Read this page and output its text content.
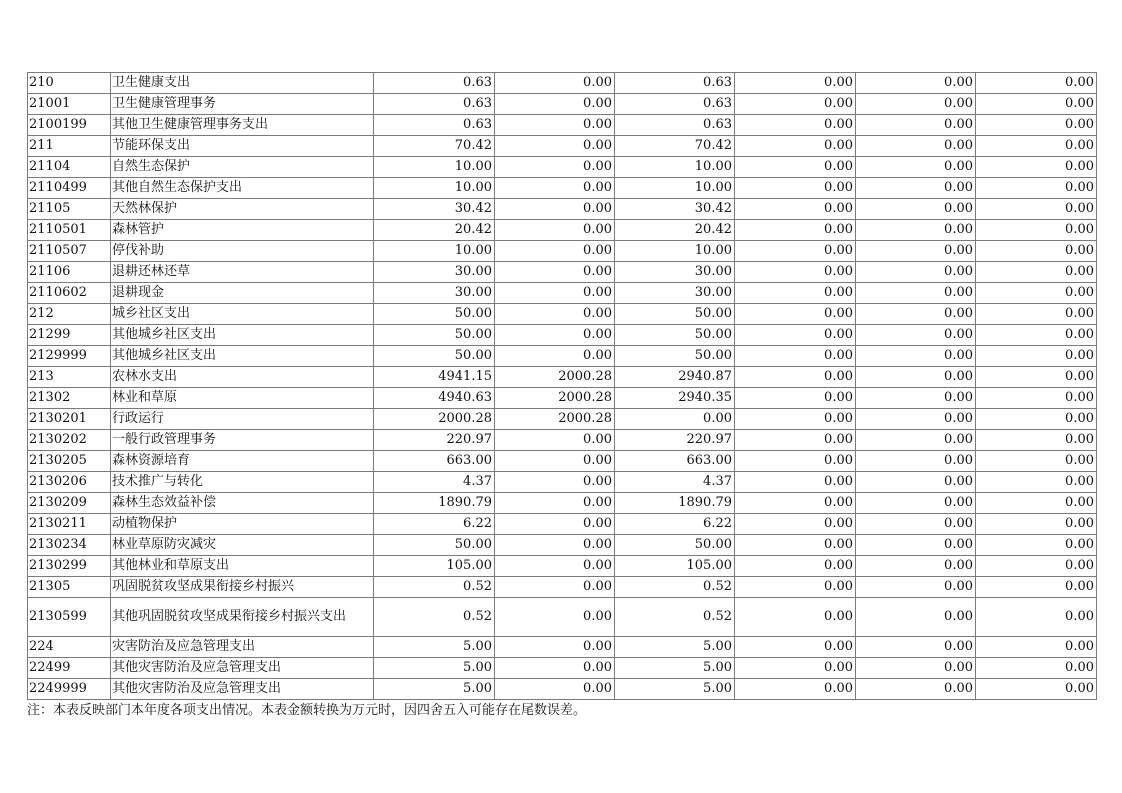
210	卫生健康支出	0.63	0.00	0.63	0.00	0.00	0.00
21001	卫生健康管理事务	0.63	0.00	0.63	0.00	0.00	0.00
2100199	其他卫生健康管理事务支出	0.63	0.00	0.63	0.00	0.00	0.00
211	节能环保支出	70.42	0.00	70.42	0.00	0.00	0.00
21104	自然生态保护	10.00	0.00	10.00	0.00	0.00	0.00
2110499	其他自然生态保护支出	10.00	0.00	10.00	0.00	0.00	0.00
21105	天然林保护	30.42	0.00	30.42	0.00	0.00	0.00
2110501	森林管护	20.42	0.00	20.42	0.00	0.00	0.00
2110507	停伐补助	10.00	0.00	10.00	0.00	0.00	0.00
21106	退耕还林还草	30.00	0.00	30.00	0.00	0.00	0.00
2110602	退耕现金	30.00	0.00	30.00	0.00	0.00	0.00
212	城乡社区支出	50.00	0.00	50.00	0.00	0.00	0.00
21299	其他城乡社区支出	50.00	0.00	50.00	0.00	0.00	0.00
2129999	其他城乡社区支出	50.00	0.00	50.00	0.00	0.00	0.00
213	农林水支出	4941.15	2000.28	2940.87	0.00	0.00	0.00
21302	林业和草原	4940.63	2000.28	2940.35	0.00	0.00	0.00
2130201	行政运行	2000.28	2000.28	0.00	0.00	0.00	0.00
2130202	一般行政管理事务	220.97	0.00	220.97	0.00	0.00	0.00
2130205	森林资源培育	663.00	0.00	663.00	0.00	0.00	0.00
2130206	技术推广与转化	4.37	0.00	4.37	0.00	0.00	0.00
2130209	森林生态效益补偿	1890.79	0.00	1890.79	0.00	0.00	0.00
2130211	动植物保护	6.22	0.00	6.22	0.00	0.00	0.00
2130234	林业草原防灾减灾	50.00	0.00	50.00	0.00	0.00	0.00
2130299	其他林业和草原支出	105.00	0.00	105.00	0.00	0.00	0.00
21305	巩固脱贫攻坚成果衔接乡村振兴	0.52	0.00	0.52	0.00	0.00	0.00
2130599	其他巩固脱贫攻坚成果衔接乡村振兴支出	0.52	0.00	0.52	0.00	0.00	0.00
224	灾害防治及应急管理支出	5.00	0.00	5.00	0.00	0.00	0.00
22499	其他灾害防治及应急管理支出	5.00	0.00	5.00	0.00	0.00	0.00
2249999	其他灾害防治及应急管理支出	5.00	0.00	5.00	0.00	0.00	0.00
注：本表反映部门本年度各项支出情况。本表金额转换为万元时，因四舍五入可能存在尾数误差。
